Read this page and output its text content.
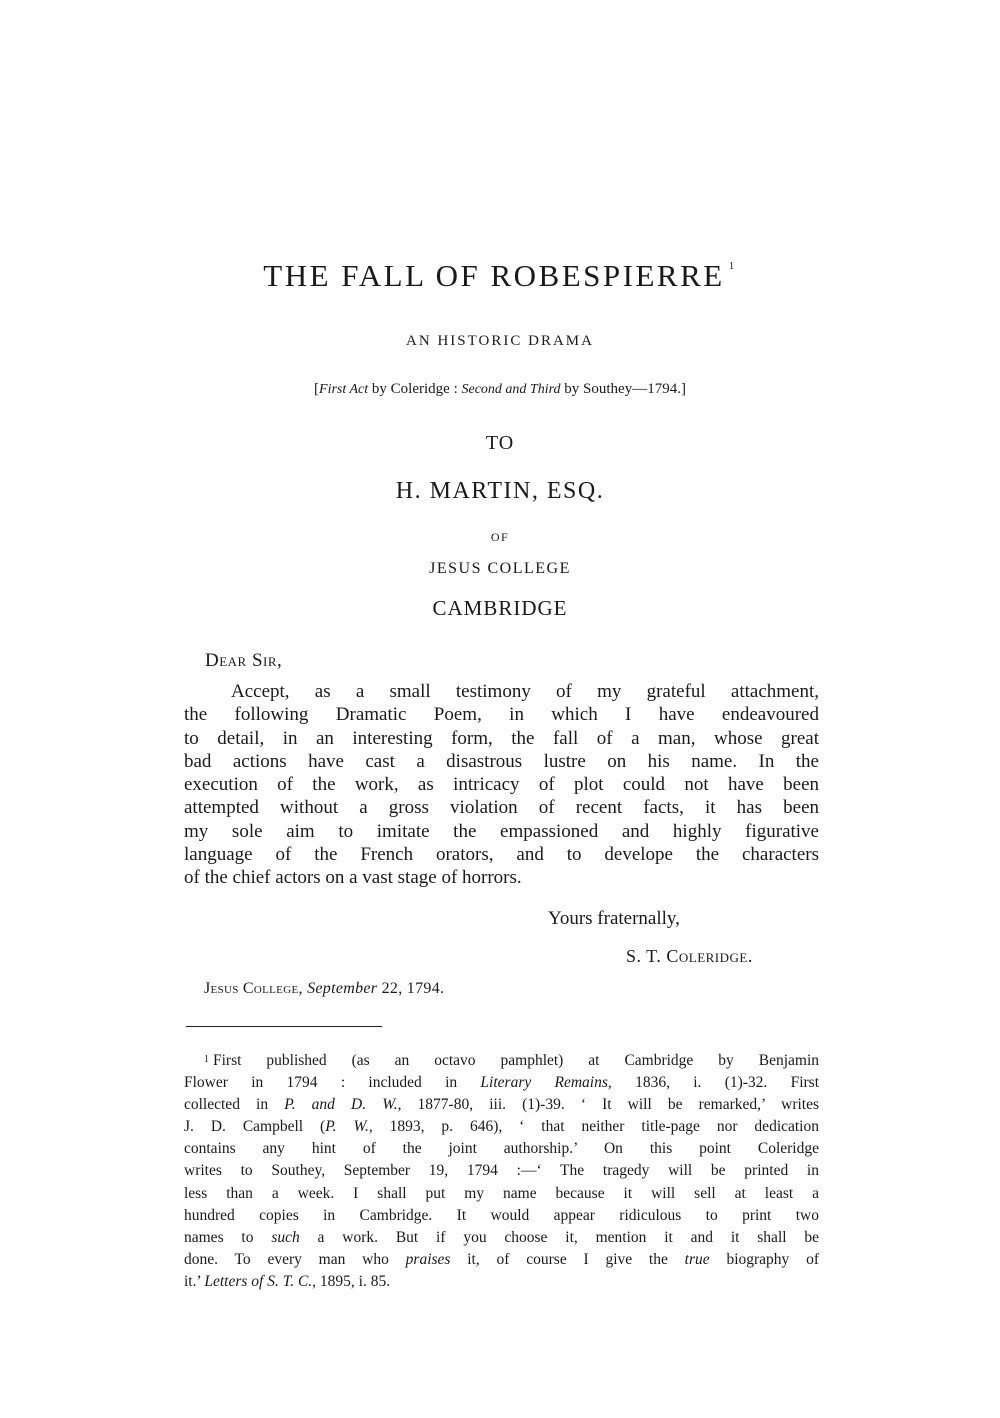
THE FALL OF ROBESPIERRE $^1$
AN HISTORIC DRAMA
[First Act by Coleridge : Second and Third by Southey—1794.]
TO
H. MARTIN, ESQ.
OF
JESUS COLLEGE
CAMBRIDGE
Dear Sir,
Accept, as a small testimony of my grateful attachment,
the following Dramatic Poem, in which I have endeavoured
to detail, in an interesting form, the fall of a man, whose great
bad actions have cast a disastrous lustre on his name. In the
execution of the work, as intricacy of plot could not have been
attempted without a gross violation of recent facts, it has been
my sole aim to imitate the empassioned and highly figurative
language of the French orators, and to develope the characters
of the chief actors on a vast stage of horrors.
Yours fraternally,
S. T. Coleridge.
Jesus College, September 22, 1794.
$^1$ First published (as an octavo pamphlet) at Cambridge by Benjamin
Flower in 1794 : included in Literary Remains, 1836, i. (1)-32. First
collected in P. and D. W., 1877-80, iii. (1)-39. ‘ It will be remarked,’ writes
J. D. Campbell (P. W., 1893, p. 646), ‘ that neither title-page nor dedication
contains any hint of the joint authorship.’ On this point Coleridge
writes to Southey, September 19, 1794 :—‘ The tragedy will be printed in
less than a week. I shall put my name because it will sell at least a
hundred copies in Cambridge. It would appear ridiculous to print two
names to such a work. But if you choose it, mention it and it shall be
done. To every man who praises it, of course I give the true biography of
it.’ Letters of S. T. C., 1895, i. 85.
